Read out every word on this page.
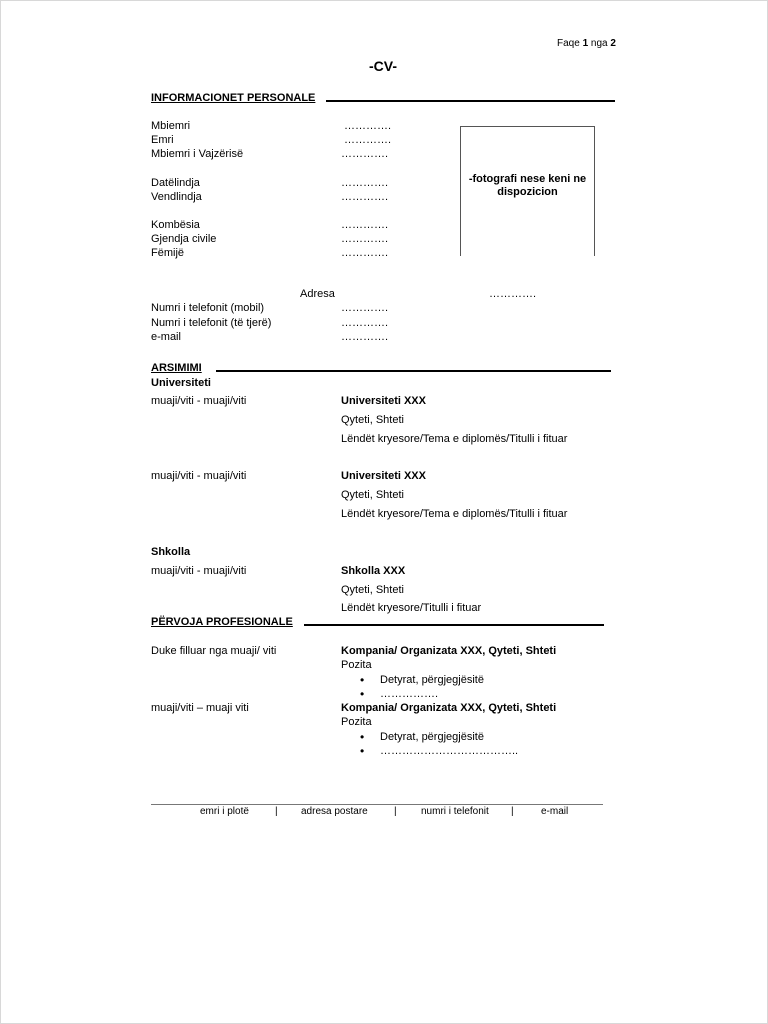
Faqe 1 nga 2
-CV-
INFORMACIONET PERSONALE
Mbiemri	………….
Emri	………….
Mbiemri i Vajzërisë	………….
Datëlindja	………….
Vendlindja	………….
Kombësia	………….
Gjendja civile	………….
Fëmijë	………….
-fotografi nese keni ne dispozicion
Adresa	………….
Numri i telefonit (mobil)	………….
Numri i telefonit (të tjerë)	………….
e-mail	………….
ARSIMIMI
Universiteti
muaji/viti - muaji/viti	Universiteti XXX
Qyteti, Shteti
Lëndët kryesore/Tema e diplomës/Titulli i fituar
muaji/viti - muaji/viti	Universiteti XXX
Qyteti, Shteti
Lëndët kryesore/Tema e diplomës/Titulli i fituar
Shkolla
muaji/viti - muaji/viti	Shkolla XXX
Qyteti, Shteti
Lëndët kryesore/Titulli i fituar
PËRVOJA PROFESIONALE
Duke filluar nga muaji/ viti	Kompania/ Organizata XXX, Qyteti, Shteti
Pozita
• Detyrat, përgjegjësitë
• …………….
muaji/viti – muaji viti	Kompania/ Organizata XXX, Qyteti, Shteti
Pozita
• Detyrat, përgjegjësitë
• ………………………………..
emri i plotë	| adresa postare	| numri i telefonit |	e-mail
